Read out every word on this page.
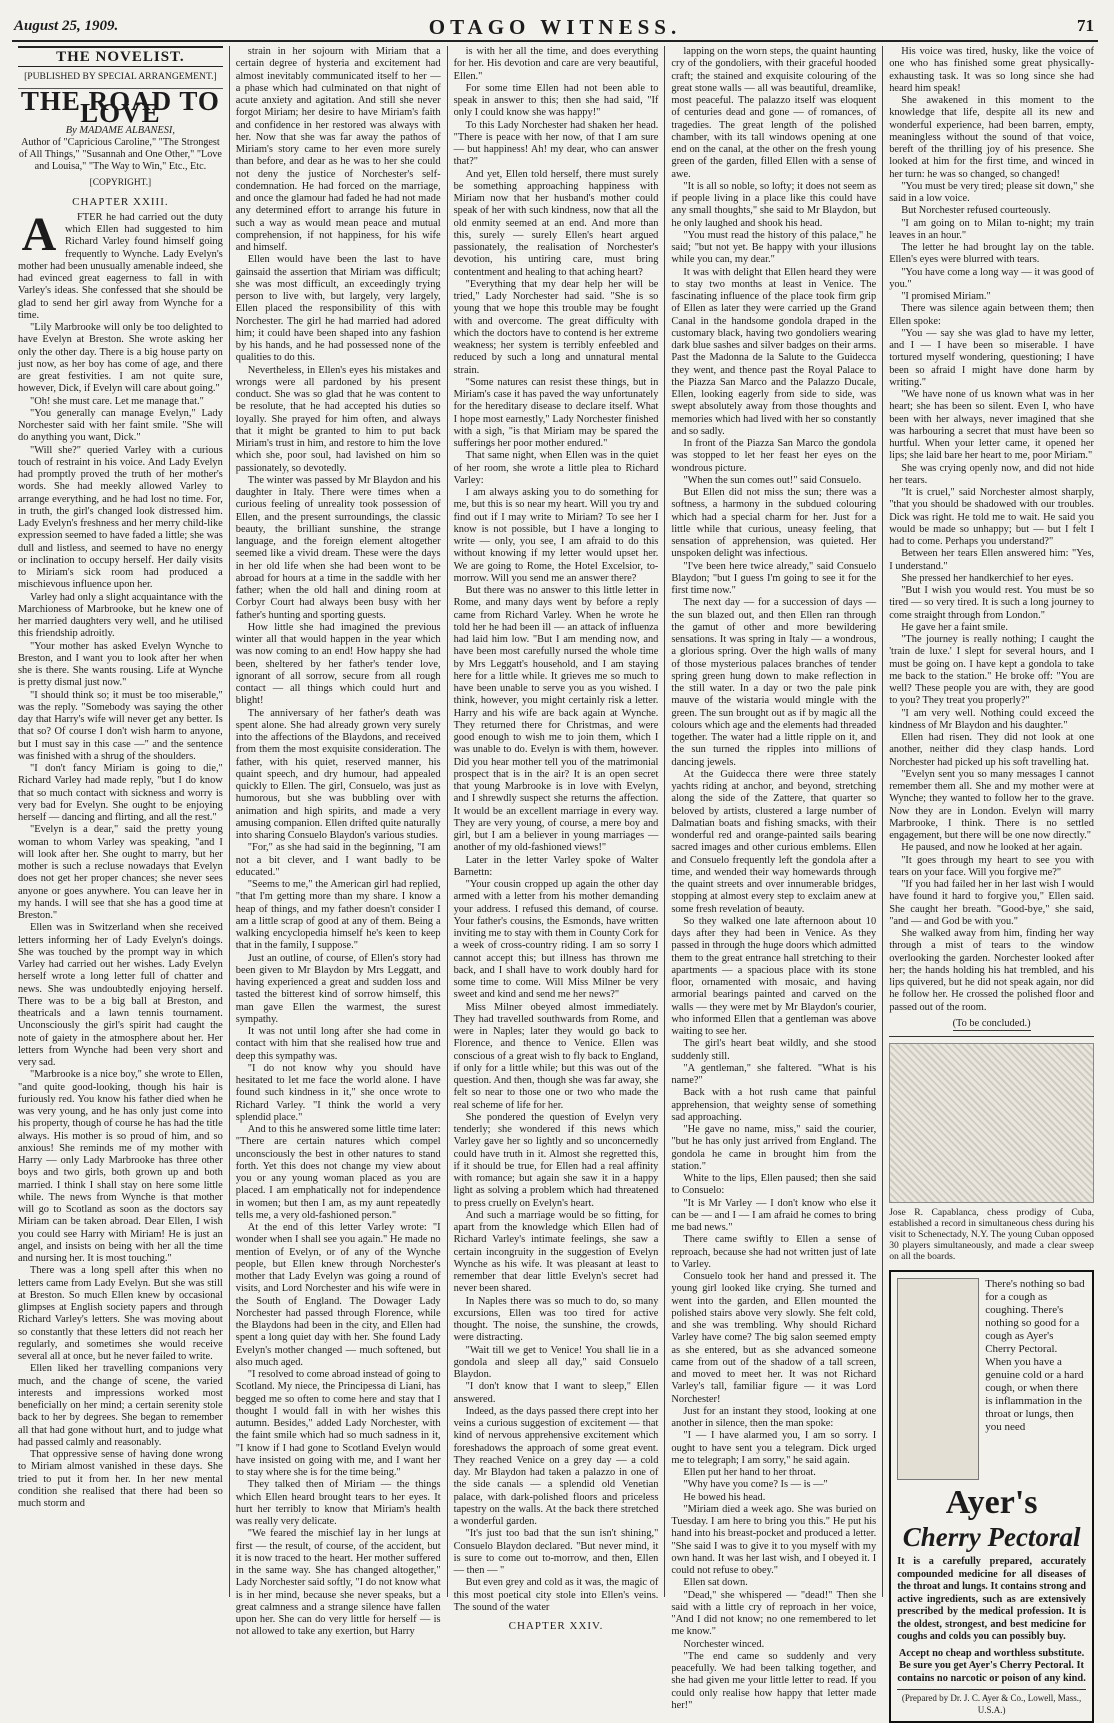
August 25, 1909.	OTAGO WITNESS.	71
THE NOVELIST.
[PUBLISHED BY SPECIAL ARRANGEMENT.]
THE ROAD TO LOVE
By MADAME ALBANESI,
Author of "Capricious Caroline," "The Strongest of All Things," "Susannah and One Other," "Love and Louisa," "The Way to Win," Etc., Etc.
[COPYRIGHT.]
CHAPTER XXIII.
A	FTER he had carried out the duty which Ellen had suggested to him Richard Varley found himself going frequently to Wynche. Lady Evelyn's mother had been unusually amenable indeed, she had evinced great eagerness to fall in with Varley's ideas. She confessed that she should be glad to send her girl away from Wynche for a time.

"Lily Marbrooke will only be too delighted to have Evelyn at Breston. She wrote asking her only the other day. There is a big house party on just now, as her boy has come of age, and there are great festivities. I am not quite sure, however, Dick, if Evelyn will care about going."

"Oh! she must care. Let me manage that."

"You generally can manage Evelyn," Lady Norchester said with her faint smile. "She will do anything you want, Dick."

"Will she?" queried Varley with a curious touch of restraint in his voice. And Lady Evelyn had promptly proved the truth of her mother's words. She had meekly allowed Varley to arrange everything, and he had lost no time. For, in truth, the girl's changed look distressed him. Lady Evelyn's freshness and her merry child-like expression seemed to have faded a little; she was dull and listless, and seemed to have no energy or inclination to occupy herself. Her daily visits to Miriam's sick room had produced a mischievous influence upon her.

Varley had only a slight acquaintance with the Marchioness of Marbrooke, but he knew one of her married daughters very well, and he utilised this friendship adroitly.

"Your mother has asked Evelyn Wynche to Breston, and I want you to look after her when she is there. She wants rousing. Life at Wynche is pretty dismal just now."

"I should think so; it must be too miserable," was the reply. "Somebody was saying the other day that Harry's wife will never get any better. Is that so? Of course I don't wish harm to anyone, but I must say in this case —" and the sentence was finished with a shrug of the shoulders.

"I don't fancy Miriam is going to die," Richard Varley had made reply, "but I do know that so much contact with sickness and worry is very bad for Evelyn. She ought to be enjoying herself — dancing and flirting, and all the rest."

"Evelyn is a dear," said the pretty young woman to whom Varley was speaking, "and I will look after her. She ought to marry, but her mother is such a recluse nowadays that Evelyn does not get her proper chances; she never sees anyone or goes anywhere. You can leave her in my hands. I will see that she has a good time at Breston."

Ellen was in Switzerland when she received letters informing her of Lady Evelyn's doings. She was touched by the prompt way in which Varley had carried out her wishes. Lady Evelyn herself wrote a long letter full of chatter and news. She was undoubtedly enjoying herself. There was to be a big ball at Breston, and theatricals and a lawn tennis tournament. Unconsciously the girl's spirit had caught the note of gaiety in the atmosphere about her. Her letters from Wynche had been very short and very sad.

"Marbrooke is a nice boy," she wrote to Ellen, "and quite good-looking, though his hair is furiously red. You know his father died when he was very young, and he has only just come into his property, though of course he has had the title always. His mother is so proud of him, and so anxious! She reminds me of my mother with Harry — only Lady Marbrooke has three other boys and two girls, both grown up and both married. I think I shall stay on here some little while. The news from Wynche is that mother will go to Scotland as soon as the doctors say Miriam can be taken abroad. Dear Ellen, I wish you could see Harry with Miriam! He is just an angel, and insists on being with her all the time and nursing her. It is most touching."

There was a long spell after this when no letters came from Lady Evelyn. But she was still at Breston. So much Ellen knew by occasional glimpses at English society papers and through Richard Varley's letters. She was moving about so constantly that these letters did not reach her regularly, and sometimes she would receive several all at once, but he never failed to write.

Ellen liked her travelling companions very much, and the change of scene, the varied interests and impressions worked most beneficially on her mind; a certain serenity stole back to her by degrees. She began to remember all that had gone without hurt, and to judge what had passed calmly and reasonably.

That oppressive sense of having done wrong to Miriam almost vanished in these days. She tried to put it from her. In her new mental condition she realised that there had been so much storm and

strain in her sojourn with Miriam that a certain degree of hysteria and excitement had almost inevitably communicated itself to her — a phase which had culminated on that night of acute anxiety and agitation. And still she never forgot Miriam; her desire to have Miriam's faith and confidence in her restored was always with her. Now that she was far away the pathos of Miriam's story came to her even more surely than before, and dear as he was to her she could not deny the justice of Norchester's self-condemnation. He had forced on the marriage, and once the glamour had faded he had not made any determined effort to arrange his future in such a way as would mean peace and mutual comprehension, if not happiness, for his wife and himself.

Ellen would have been the last to have gainsaid the assertion that Miriam was difficult; she was most difficult, an exceedingly trying person to live with, but largely, very largely, Ellen placed the responsibility of this with Norchester. The girl he had married had adored him; it could have been shaped into any fashion by his hands, and he had possessed none of the qualities to do this.

Nevertheless, in Ellen's eyes his mistakes and wrongs were all pardoned by his present conduct. She was so glad that he was content to be resolute, that he had accepted his duties so loyally. She prayed for him often, and always that it might be granted to him to put back Miriam's trust in him, and restore to him the love which she, poor soul, had lavished on him so passionately, so devotedly.

The winter was passed by Mr Blaydon and his daughter in Italy. There were times when a curious feeling of unreality took possession of Ellen, and the present surroundings, the classic beauty, the brilliant sunshine, the strange language, and the foreign element altogether seemed like a vivid dream. These were the days in her old life when she had been wont to be abroad for hours at a time in the saddle with her father; when the old hall and dining room at Corbyr Court had always been busy with her father's hunting and sporting guests.

How little she had imagined the previous winter all that would happen in the year which was now coming to an end! How happy she had been, sheltered by her father's tender love, ignorant of all sorrow, secure from all rough contact — all things which could hurt and blight!

The anniversary of her father's death was spent alone. She had already grown very surely into the affections of the Blaydons, and received from them the most exquisite consideration. The father, with his quiet, reserved manner, his quaint speech, and dry humour, had appealed quickly to Ellen. The girl, Consuelo, was just as humorous, but she was bubbling over with animation and high spirits, and made a very amusing companion. Ellen drifted quite naturally into sharing Consuelo Blaydon's various studies.

"For," as she had said in the beginning, "I am not a bit clever, and I want badly to be educated."

"Seems to me," the American girl had replied, "that I'm getting more than my share. I know a heap of things, and my father doesn't consider I am a little scrap of good at any of them. Being a walking encyclopedia himself he's keen to keep that in the family, I suppose."

Just an outline, of course, of Ellen's story had been given to Mr Blaydon by Mrs Leggatt, and having experienced a great and sudden loss and tasted the bitterest kind of sorrow himself, this man gave Ellen the warmest, the surest sympathy.

It was not until long after she had come in contact with him that she realised how true and deep this sympathy was.

"I do not know why you should have hesitated to let me face the world alone. I have found such kindness in it," she once wrote to Richard Varley. "I think the world a very splendid place."

And to this he answered some little time later: "There are certain natures which compel unconsciously the best in other natures to stand forth. Yet this does not change my view about you or any young woman placed as you are placed. I am emphatically not for independence in women; but then I am, as my aunt repeatedly tells me, a very old-fashioned person."

At the end of this letter Varley wrote: "I wonder when I shall see you again." He made no mention of Evelyn, or of any of the Wynche people, but Ellen knew through Norchester's mother that Lady Evelyn was going a round of visits, and Lord Norchester and his wife were in the South of England. The Dowager Lady Norchester had passed through Florence, while the Blaydons had been in the city, and Ellen had spent a long quiet day with her. She found Lady Evelyn's mother changed — much softened, but also much aged.

"I resolved to come abroad instead of going to Scotland. My niece, the Principessa di Liani, has begged me so often to come here and stay that I thought I would fall in with her wishes this autumn. Besides," added Lady Norchester, with the faint smile which had so much sadness in it, "I know if I had gone to Scotland Evelyn would have insisted on going with me, and I want her to stay where she is for the time being."

They talked then of Miriam — the things which Ellen heard brought tears to her eyes. It hurt her terribly to know that Miriam's health was really very delicate.

"We feared the mischief lay in her lungs at first — the result, of course, of the accident, but it is now traced to the heart. Her mother suffered in the same way. She has changed altogether," Lady Norchester said softly, "I do not know what is in her mind, because she never speaks, but a great calmness and a strange silence have fallen upon her. She can do very little for herself — is not allowed to take any exertion, but Harry

is with her all the time, and does everything for her. His devotion and care are very beautiful, Ellen."

For some time Ellen had not been able to speak in answer to this; then she had said, "If only I could know she was happy!"

To this Lady Norchester had shaken her head. "There is peace with her now, of that I am sure — but happiness! Ah! my dear, who can answer that?"

And yet, Ellen told herself, there must surely be something approaching happiness with Miriam now that her husband's mother could speak of her with such kindness, now that all the old enmity seemed at an end. And more than this, surely — surely Ellen's heart argued passionately, the realisation of Norchester's devotion, his untiring care, must bring contentment and healing to that aching heart?

"Everything that my dear help her will be tried," Lady Norchester had said. "She is so young that we hope this trouble may be fought with and overcome. The great difficulty with which the doctors have to contend is her extreme weakness; her system is terribly enfeebled and reduced by such a long and unnatural mental strain.

"Some natures can resist these things, but in Miriam's case it has paved the way unfortunately for the hereditary disease to declare itself. What I hope most earnestly," Lady Norchester finished with a sigh, "is that Miriam may be spared the sufferings her poor mother endured."

That same night, when Ellen was in the quiet of her room, she wrote a little plea to Richard Varley:

I am always asking you to do something for me, but this is so near my heart. Will you try and find out if I may write to Miriam? To see her I know is not possible, but I have a longing to write — only, you see, I am afraid to do this without knowing if my letter would upset her. We are going to Rome, the Hotel Excelsior, to-morrow. Will you send me an answer there?

But there was no answer to this little letter in Rome, and many days went by before a reply came from Richard Varley. When he wrote he told her he had been ill — an attack of influenza had laid him low. "But I am mending now, and have been most carefully nursed the whole time by Mrs Leggatt's household, and I am staying here for a little while. It grieves me so much to have been unable to serve you as you wished. I think, however, you might certainly risk a letter. Harry and his wife are back again at Wynche. They returned there for Christmas, and were good enough to wish me to join them, which I was unable to do. Evelyn is with them, however. Did you hear mother tell you of the matrimonial prospect that is in the air? It is an open secret that young Marbrooke is in love with Evelyn, and I shrewdly suspect she returns the affection. It would be an excellent marriage in every way. They are very young, of course, a mere boy and girl, but I am a believer in young marriages — another of my old-fashioned views!"

Later in the letter Varley spoke of Walter Barnettn:

"Your cousin cropped up again the other day armed with a letter from his mother demanding your address. I refused this demand, of course. Your father's cousins, the Esmonds, have written inviting me to stay with them in County Cork for a week of cross-country riding. I am so sorry I cannot accept this; but illness has thrown me back, and I shall have to work doubly hard for some time to come. Will Miss Milner be very sweet and kind and send me her news?"

Miss Milner obeyed almost immediately. They had travelled southwards from Rome, and were in Naples; later they would go back to Florence, and thence to Venice. Ellen was conscious of a great wish to fly back to England, if only for a little while; but this was out of the question. And then, though she was far away, she felt so near to those one or two who made the real scheme of life for her.

She pondered the question of Evelyn very tenderly; she wondered if this news which Varley gave her so lightly and so unconcernedly could have truth in it. Almost she regretted this, if it should be true, for Ellen had a real affinity with romance; but again she saw it in a happy light as solving a problem which had threatened to press cruelly on Evelyn's heart.

And such a marriage would be so fitting, for apart from the knowledge which Ellen had of Richard Varley's intimate feelings, she saw a certain incongruity in the suggestion of Evelyn Wynche as his wife. It was pleasant at least to remember that dear little Evelyn's secret had never been shared.

In Naples there was so much to do, so many excursions, Ellen was too tired for active thought. The noise, the sunshine, the crowds, were distracting.

"Wait till we get to Venice! You shall lie in a gondola and sleep all day," said Consuelo Blaydon.

"I don't know that I want to sleep," Ellen answered.

Indeed, as the days passed there crept into her veins a curious suggestion of excitement — that kind of nervous apprehensive excitement which foreshadows the approach of some great event. They reached Venice on a grey day — a cold day. Mr Blaydon had taken a palazzo in one of the side canals — a splendid old Venetian palace, with dark-polished floors and priceless tapestry on the walls. At the back there stretched a wonderful garden.

"It's just too bad that the sun isn't shining," Consuelo Blaydon declared. "But never mind, it is sure to come out to-morrow, and then, Ellen — then — "

But even grey and cold as it was, the magic of this most poetical city stole into Ellen's veins. The sound of the water

CHAPTER XXIV.

lapping on the worn steps, the quaint haunting cry of the gondoliers, with their graceful hooded craft; the stained and exquisite colouring of the great stone walls — all was beautiful, dreamlike, most peaceful. The palazzo itself was eloquent of centuries dead and gone — of romances, of tragedies. The great length of the polished chamber, with its tall windows opening at one end on the canal, at the other on the fresh young green of the garden, filled Ellen with a sense of awe.

"It is all so noble, so lofty; it does not seem as if people living in a place like this could have any small thoughts," she said to Mr Blaydon, but he only laughed and shook his head.

"You must read the history of this palace," he said; "but not yet. Be happy with your illusions while you can, my dear."

It was with delight that Ellen heard they were to stay two months at least in Venice. The fascinating influence of the place took firm grip of Ellen as later they were carried up the Grand Canal in the handsome gondola draped in the customary black, having two gondoliers wearing dark blue sashes and silver badges on their arms. Past the Madonna de la Salute to the Guidecca they went, and thence past the Royal Palace to the Piazza San Marco and the Palazzo Ducale, Ellen, looking eagerly from side to side, was swept absolutely away from those thoughts and memories which had lived with her so constantly and so sadly.

In front of the Piazza San Marco the gondola was stopped to let her feast her eyes on the wondrous picture.

"When the sun comes out!" said Consuelo.

But Ellen did not miss the sun; there was a softness, a harmony in the subdued colouring which had a special charm for her. Just for a little while that curious, uneasy feeling, that sensation of apprehension, was quieted. Her unspoken delight was infectious.

"I've been here twice already," said Consuelo Blaydon; "but I guess I'm going to see it for the first time now."

The next day — for a succession of days — the sun blazed out, and then Ellen ran through the gamut of other and more bewildering sensations. It was spring in Italy — a wondrous, a glorious spring. Over the high walls of many of those mysterious palaces branches of tender spring green hung down to make reflection in the still water. In a day or two the pale pink mauve of the wistaria would mingle with the green. The sun brought out as if by magic all the colours which age and the elements had threaded together. The water had a little ripple on it, and the sun turned the ripples into millions of dancing jewels.

At the Guidecca there were three stately yachts riding at anchor, and beyond, stretching along the side of the Zattere, that quarter so beloved by artists, clustered a large number of Dalmatian boats and fishing smacks, with their wonderful red and orange-painted sails bearing sacred images and other curious emblems. Ellen and Consuelo frequently left the gondola after a time, and wended their way homewards through the quaint streets and over innumerable bridges, stopping at almost every step to exclaim anew at some fresh revelation of beauty.

So they walked one late afternoon about 10 days after they had been in Venice. As they passed in through the huge doors which admitted them to the great entrance hall stretching to their apartments — a spacious place with its stone floor, ornamented with mosaic, and having armorial bearings painted and carved on the walls — they were met by Mr Blaydon's courier, who informed Ellen that a gentleman was above waiting to see her.

The girl's heart beat wildly, and she stood suddenly still.

"A gentleman," she faltered. "What is his name?"

Back with a hot rush came that painful apprehension, that weighty sense of something sad approaching.

"He gave no name, miss," said the courier, "but he has only just arrived from England. The gondola he came in brought him from the station."

White to the lips, Ellen paused; then she said to Consuelo:

"It is Mr Varley — I don't know who else it can be — and I — I am afraid he comes to bring me bad news."

There came swiftly to Ellen a sense of reproach, because she had not written just of late to Varley.

Consuelo took her hand and pressed it. The young girl looked like crying. She turned and went into the garden, and Ellen mounted the polished stairs above very slowly. She felt cold, and she was trembling. Why should Richard Varley have come? The big salon seemed empty as she entered, but as she advanced someone came from out of the shadow of a tall screen, and moved to meet her. It was not Richard Varley's tall, familiar figure — it was Lord Norchester!

Just for an instant they stood, looking at one another in silence, then the man spoke:

"I — I have alarmed you, I am so sorry. I ought to have sent you a telegram. Dick urged me to telegraph; I am sorry," he said again.

Ellen put her hand to her throat.

"Why have you come? Is — is —"

He bowed his head.

"Miriam died a week ago. She was buried on Tuesday. I am here to bring you this." He put his hand into his breast-pocket and produced a letter. "She said I was to give it to you myself with my own hand. It was her last wish, and I obeyed it. I could not refuse to obey."

Ellen sat down.

"Dead," she whispered — "dead!" Then she said with a little cry of reproach in her voice, "And I did not know; no one remembered to let me know."

Norchester winced.

"The end came so suddenly and very peacefully. We had been talking together, and she had given me your little letter to read. If you could only realise how happy that letter made her!"

His voice was tired, husky, like the voice of one who has finished some great physically-exhausting task. It was so long since she had heard him speak!

She awakened in this moment to the knowledge that life, despite all its new and wonderful experience, had been barren, empty, meaningless without the sound of that voice, bereft of the thrilling joy of his presence. She looked at him for the first time, and winced in her turn: he was so changed, so changed!

"You must be very tired; please sit down," she said in a low voice.

But Norchester refused courteously.

"I am going on to Milan to-night; my train leaves in an hour."

The letter he had brought lay on the table. Ellen's eyes were blurred with tears.

"You have come a long way — it was good of you."

"I promised Miriam."

There was silence again between them; then Ellen spoke:

"You — say she was glad to have my letter, and I — I have been so miserable. I have tortured myself wondering, questioning; I have been so afraid I might have done harm by writing."

"We have none of us known what was in her heart; she has been so silent. Even I, who have been with her always, never imagined that she was harbouring a secret that must have been so hurtful. When your letter came, it opened her lips; she laid bare her heart to me, poor Miriam."

She was crying openly now, and did not hide her tears.

"It is cruel," said Norchester almost sharply, "that you should be shadowed with our troubles. Dick was right. He told me to wait. He said you would be made so unhappy; but — but I felt I had to come. Perhaps you understand?"

Between her tears Ellen answered him: "Yes, I understand."

She pressed her handkerchief to her eyes.

"But I wish you would rest. You must be so tired — so very tired. It is such a long journey to come straight through from London."

He gave her a faint smile.

"The journey is really nothing; I caught the 'train de luxe.' I slept for several hours, and I must be going on. I have kept a gondola to take me back to the station." He broke off: "You are well? These people you are with, they are good to you? They treat you properly?"

"I am very well. Nothing could exceed the kindness of Mr Blaydon and his daughter."

Ellen had risen. They did not look at one another, neither did they clasp hands. Lord Norchester had picked up his soft travelling hat.

"Evelyn sent you so many messages I cannot remember them all. She and my mother were at Wynche; they wanted to follow her to the grave. Now they are in London. Evelyn will marry Marbrooke, I think. There is no settled engagement, but there will be one now directly."

He paused, and now he looked at her again.

"It goes through my heart to see you with tears on your face. Will you forgive me?"

"If you had failed her in her last wish I would have found it hard to forgive you," Ellen said. She caught her breath. "Good-bye," she said, "and — and God be with you."

She walked away from him, finding her way through a mist of tears to the window overlooking the garden. Norchester looked after her; the hands holding his hat trembled, and his lips quivered, but he did not speak again, nor did he follow her. He crossed the polished floor and passed out of the room.

(To be concluded.)
Jose R. Capablanca, chess prodigy of Cuba, established a record in simultaneous chess during his visit to Schenectady, N.Y. The young Cuban opposed 30 players simultaneously, and made a clear sweep on all the boards.
There's nothing so bad for a cough as coughing. There's nothing so good for a cough as Ayer's Cherry Pectoral. When you have a genuine cold or a hard cough, or when there is inflammation in the throat or lungs, then you need
Ayer's
Cherry Pectoral
It is a carefully prepared, accurately compounded medicine for all diseases of the throat and lungs. It contains strong and active ingredients, such as are extensively prescribed by the medical profession. It is the oldest, strongest, and best medicine for coughs and colds you can possibly buy.
Accept no cheap and worthless substitute. Be sure you get Ayer's Cherry Pectoral. It contains no narcotic or poison of any kind.
(Prepared by Dr. J. C. Ayer & Co., Lowell, Mass., U.S.A.)
